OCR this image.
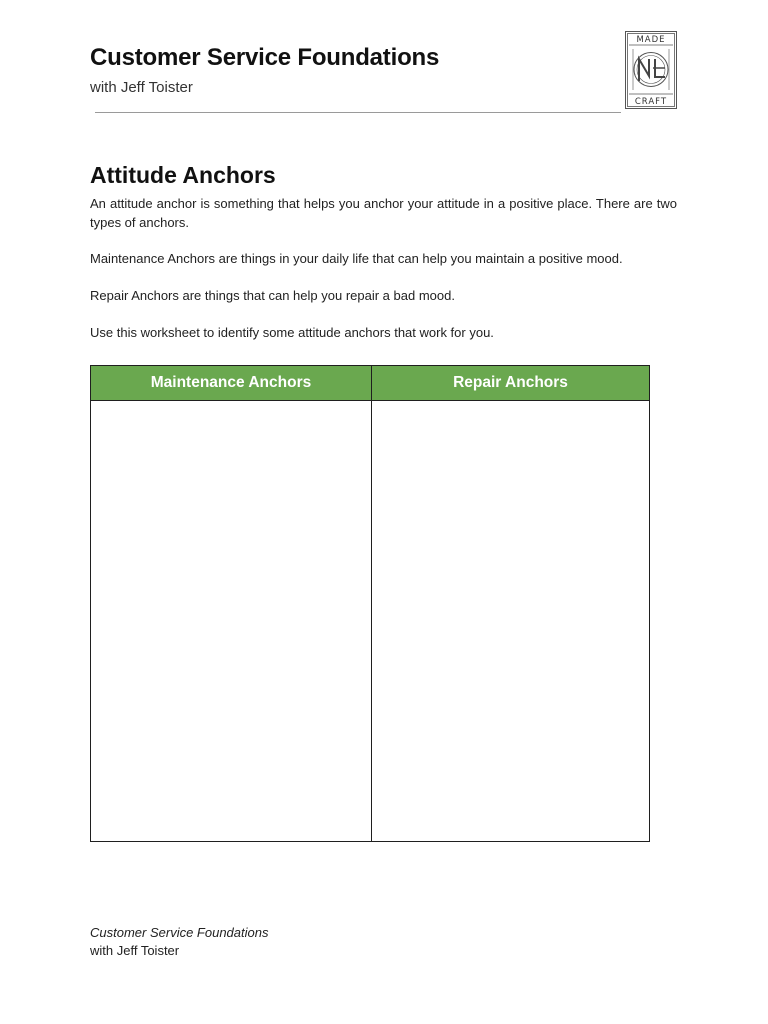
Customer Service Foundations
with Jeff Toister
MADE
CRAFT
Attitude Anchors

An attitude anchor is something that helps you anchor your attitude in a positive place. There are two types of anchors.

Maintenance Anchors are things in your daily life that can help you maintain a positive mood.

Repair Anchors are things that can help you repair a bad mood.

Use this worksheet to identify some attitude anchors that work for you.

Maintenance Anchors	Repair Anchors

Customer Service Foundations
with Jeff Toister
